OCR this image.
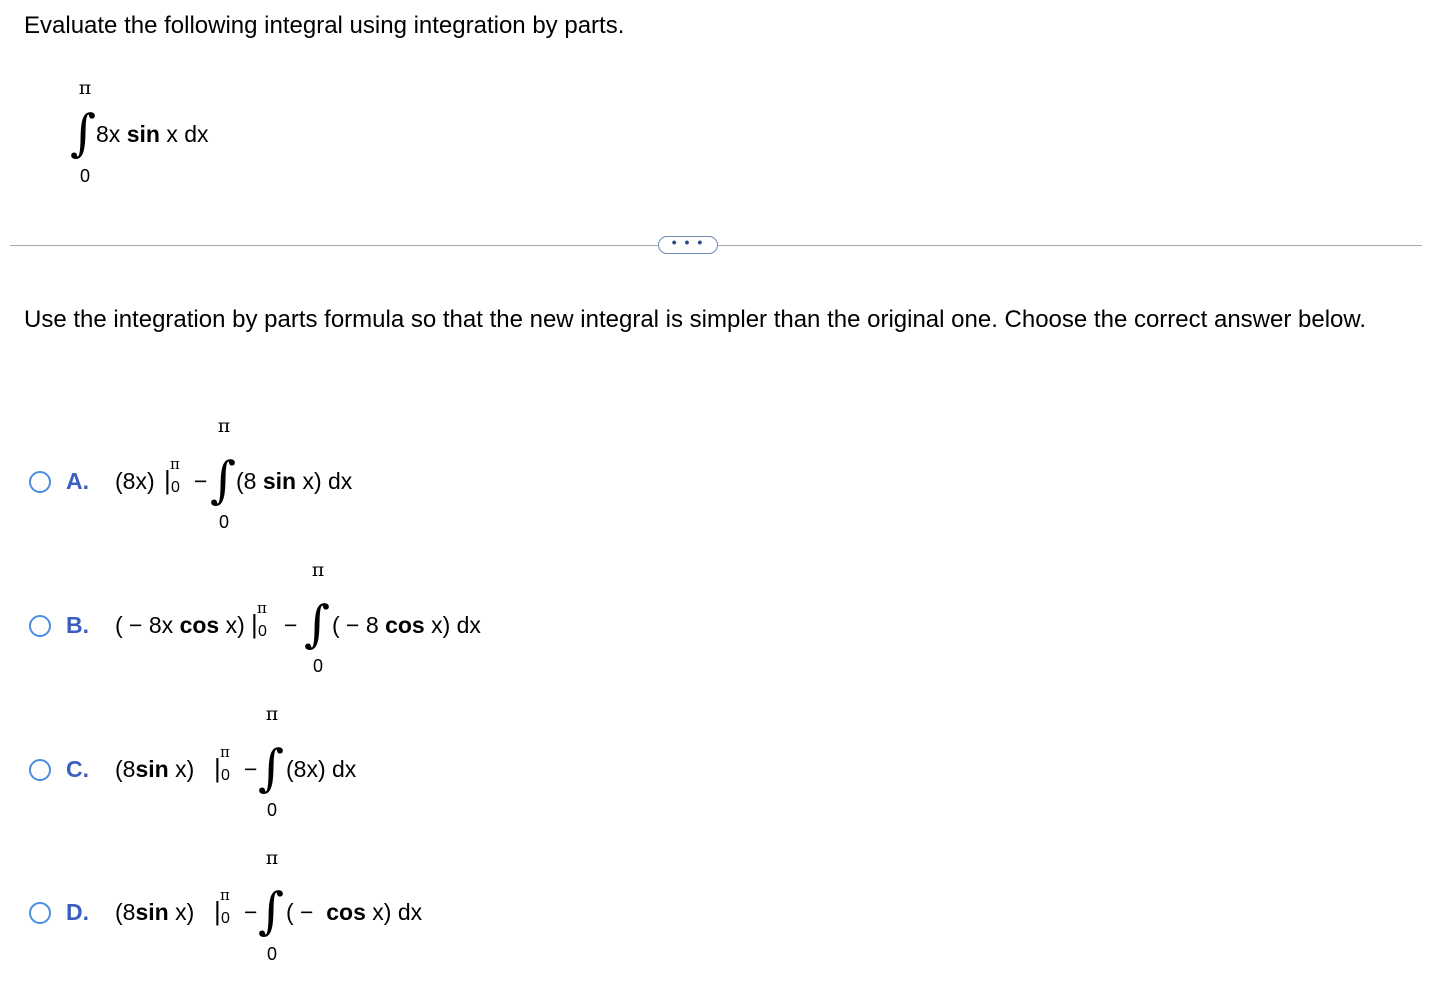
Evaluate the following integral using integration by parts.
π
∫ 8x sin x dx
0
• • •
Use the integration by parts formula so that the new integral is simpler than the original one. Choose the correct answer below.
A. (8x) |
π
0 −
π
∫ (8 sin x) dx
0
B. ( − 8x cos x) |
π
0 −
π
∫ ( − 8 cos x) dx
0
C. (8sin x) |
π
0 −
π
∫ (8x) dx
0
D. (8sin x) |
π
0 −
π
∫ ( − cos x) dx
0
